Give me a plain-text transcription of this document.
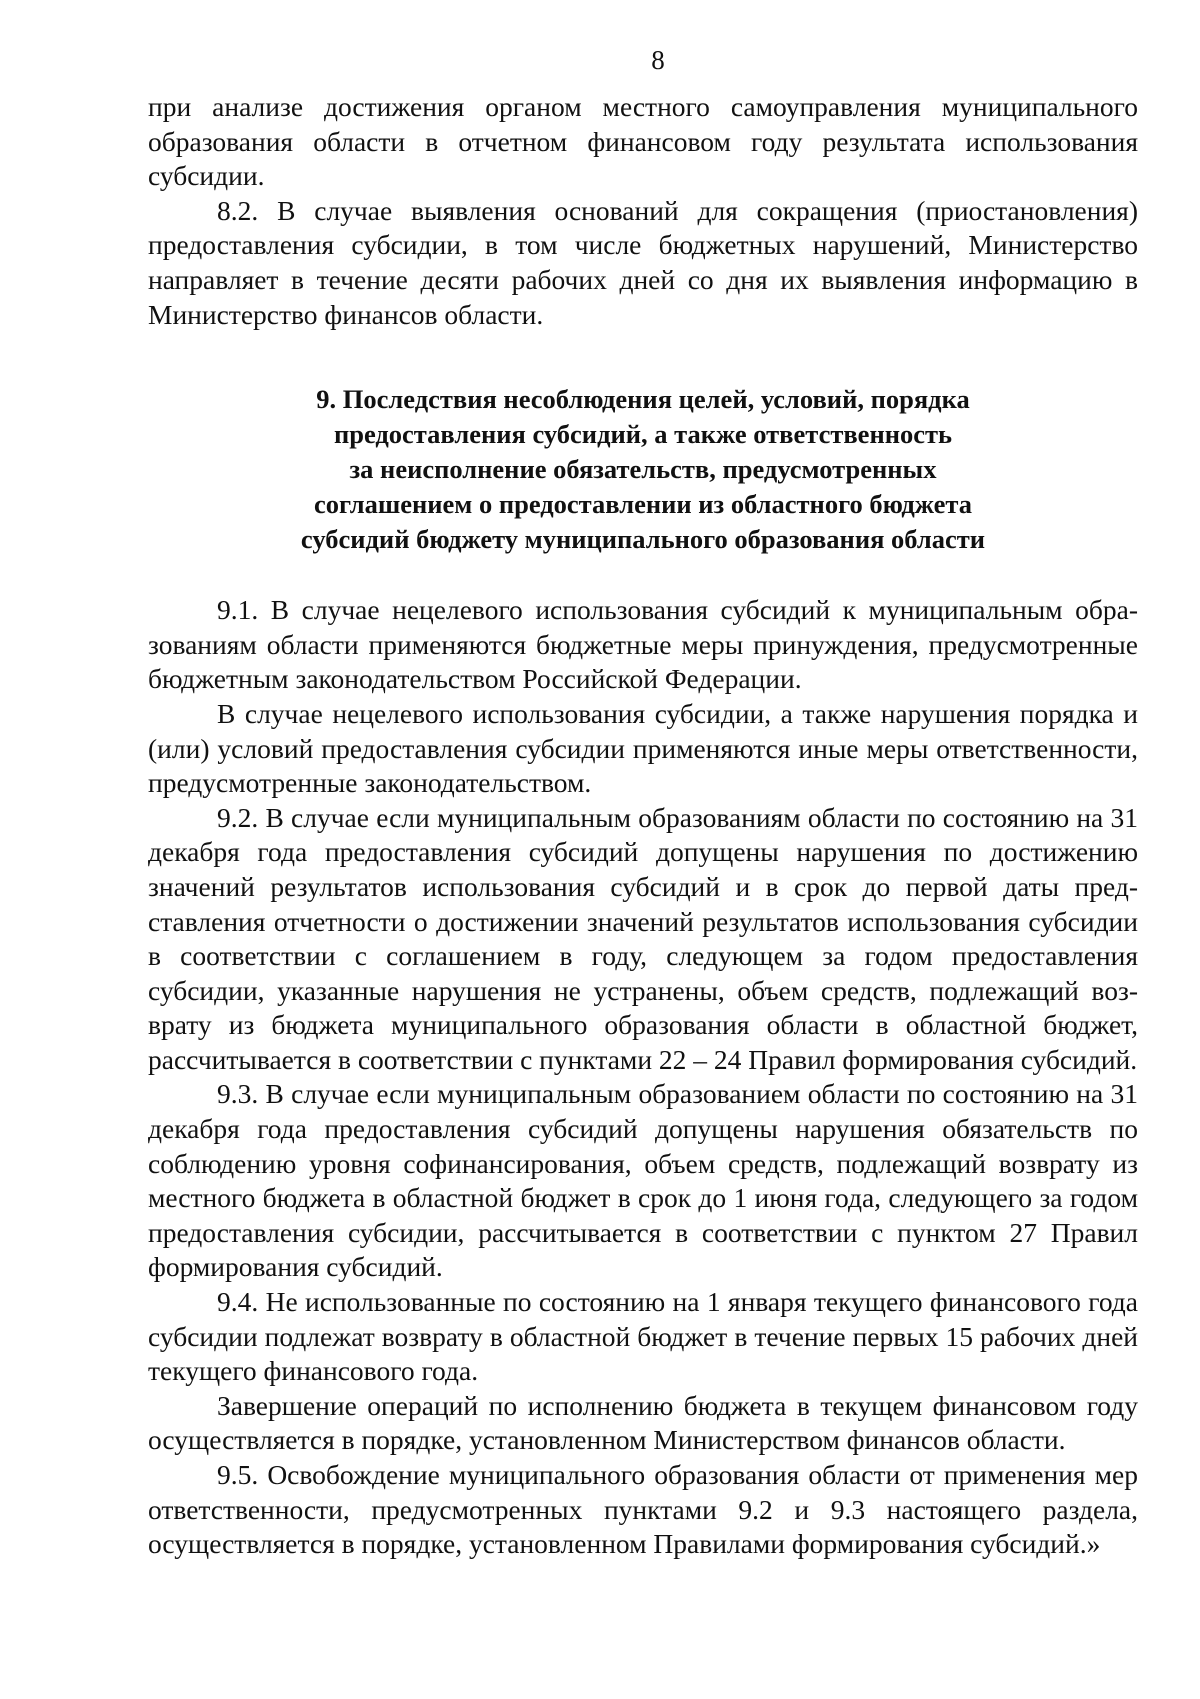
8

при анализе достижения органом местного самоуправления муниципального образования области в отчетном финансовом году результата использования субсидии.

8.2. В случае выявления оснований для сокращения (приостановления) предоставления субсидии, в том числе бюджетных нарушений, Министерство направляет в течение десяти рабочих дней со дня их выявления информацию в Министерство финансов области.

9. Последствия несоблюдения целей, условий, порядка
предоставления субсидий, а также ответственность
за неисполнение обязательств, предусмотренных
соглашением о предоставлении из областного бюджета
субсидий бюджету муниципального образования области

9.1. В случае нецелевого использования субсидий к муниципальным образованиям области применяются бюджетные меры принуждения, предусмотренные бюджетным законодательством Российской Федерации.

В случае нецелевого использования субсидии, а также нарушения порядка и (или) условий предоставления субсидии применяются иные меры ответственности, предусмотренные законодательством.

9.2. В случае если муниципальным образованиям области по состоянию на 31 декабря года предоставления субсидий допущены нарушения по достижению значений результатов использования субсидий и в срок до первой даты представления отчетности о достижении значений результатов использования субсидии в соответствии с соглашением в году, следующем за годом предоставления субсидии, указанные нарушения не устранены, объем средств, подлежащий возврату из бюджета муниципального образования области в областной бюджет, рассчитывается в соответствии с пунктами 22 – 24 Правил формирования субсидий.

9.3. В случае если муниципальным образованием области по состоянию на 31 декабря года предоставления субсидий допущены нарушения обязательств по соблюдению уровня софинансирования, объем средств, подлежащий возврату из местного бюджета в областной бюджет в срок до 1 июня года, следующего за годом предоставления субсидии, рассчитывается в соответствии с пунктом 27 Правил формирования субсидий.

9.4. Не использованные по состоянию на 1 января текущего финансового года субсидии подлежат возврату в областной бюджет в течение первых 15 рабочих дней текущего финансового года.

Завершение операций по исполнению бюджета в текущем финансовом году осуществляется в порядке, установленном Министерством финансов области.

9.5. Освобождение муниципального образования области от применения мер ответственности, предусмотренных пунктами 9.2 и 9.3 настоящего раздела, осуществляется в порядке, установленном Правилами формирования субсидий.»
